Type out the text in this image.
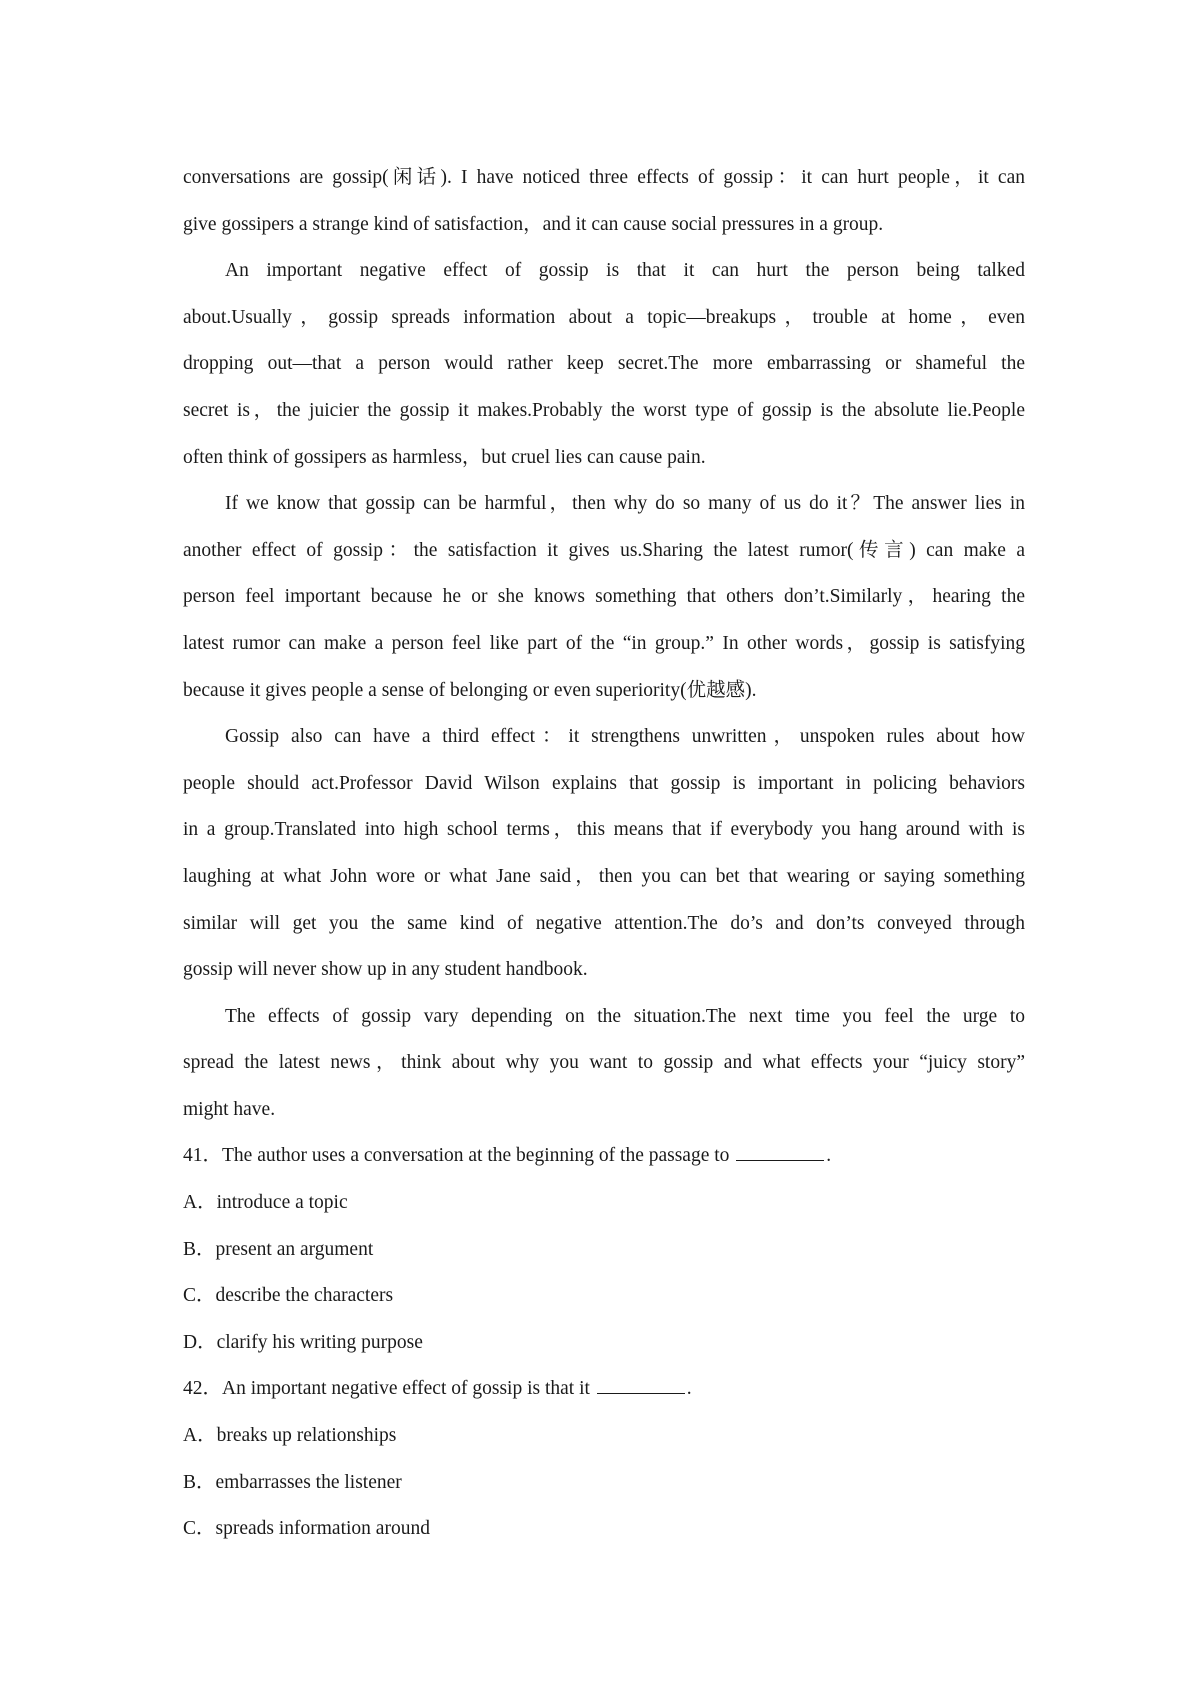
conversations are gossip(闲话). I have noticed three effects of gossip：it can hurt people，it can
give gossipers a strange kind of satisfaction，and it can cause social pressures in a group.
An important negative effect of gossip is that it can hurt the person being talked
about.Usually，gossip spreads information about a topic—breakups，trouble at home，even
dropping out—that a person would rather keep secret.The more embarrassing or shameful the
secret is，the juicier the gossip it makes.Probably the worst type of gossip is the absolute lie.People
often think of gossipers as harmless，but cruel lies can cause pain.
If we know that gossip can be harmful，then why do so many of us do it？The answer lies in
another effect of gossip：the satisfaction it gives us.Sharing the latest rumor(传言) can make a
person feel important because he or she knows something that others don’t.Similarly，hearing the
latest rumor can make a person feel like part of the “in group.” In other words，gossip is satisfying
because it gives people a sense of belonging or even superiority(优越感).
Gossip also can have a third effect：it strengthens unwritten，unspoken rules about how
people should act.Professor David Wilson explains that gossip is important in policing behaviors
in a group.Translated into high school terms，this means that if everybody you hang around with is
laughing at what John wore or what Jane said，then you can bet that wearing or saying something
similar will get you the same kind of negative attention.The do’s and don’ts conveyed through
gossip will never show up in any student handbook.
The effects of gossip vary depending on the situation.The next time you feel the urge to
spread the latest news，think about why you want to gossip and what effects your “juicy story”
might have.
41．The author uses a conversation at the beginning of the passage to	.
A．introduce a topic
B．present an argument
C．describe the characters
D．clarify his writing purpose
42．An important negative effect of gossip is that it	.
A．breaks up relationships
B．embarrasses the listener
C．spreads information around
